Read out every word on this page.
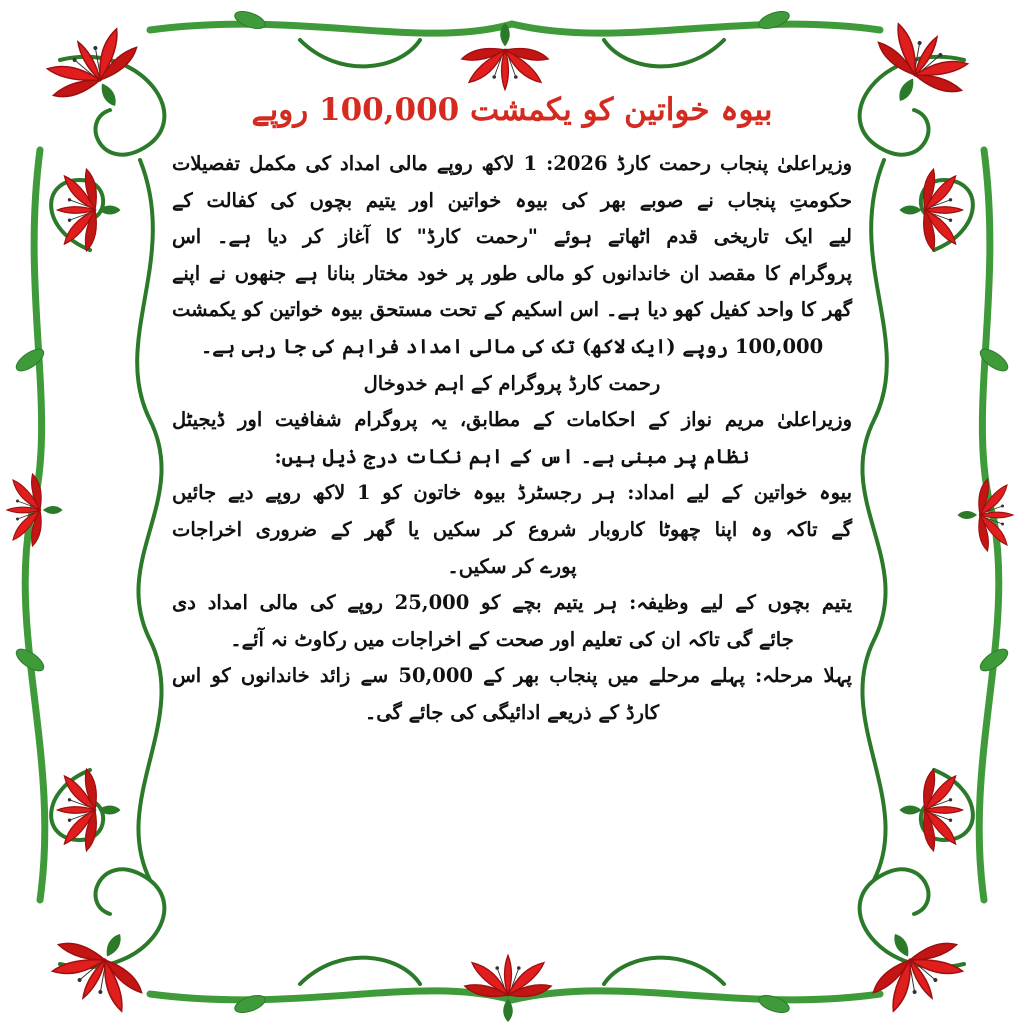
بیوہ خواتین کو یکمشت 100,000 روپے

وزیراعلیٰ پنجاب رحمت کارڈ 2026: 1 لاکھ روپے مالی امداد کی مکمل تفصیلات

حکومتِ پنجاب نے صوبے بھر کی بیوہ خواتین اور یتیم بچوں کی کفالت کے

لیے ایک تاریخی قدم اٹھاتے ہوئے "رحمت کارڈ" کا آغاز کر دیا ہے۔ اس

پروگرام کا مقصد ان خاندانوں کو مالی طور پر خود مختار بنانا ہے جنھوں نے اپنے

گھر کا واحد کفیل کھو دیا ہے۔ اس اسکیم کے تحت مستحق بیوہ خواتین کو یکمشت

100,000 روپے (ایک لاکھ) تک کی مالی امداد فراہم کی جا رہی ہے۔

رحمت کارڈ پروگرام کے اہم خدوخال

وزیراعلیٰ مریم نواز کے احکامات کے مطابق، یہ پروگرام شفافیت اور ڈیجیٹل

نظام پر مبنی ہے۔ اس کے اہم نکات درج ذیل ہیں:

بیوہ خواتین کے لیے امداد: ہر رجسٹرڈ بیوہ خاتون کو 1 لاکھ روپے دیے جائیں

گے تاکہ وہ اپنا چھوٹا کاروبار شروع کر سکیں یا گھر کے ضروری اخراجات

پورے کر سکیں۔

یتیم بچوں کے لیے وظیفہ: ہر یتیم بچے کو 25,000 روپے کی مالی امداد دی

جائے گی تاکہ ان کی تعلیم اور صحت کے اخراجات میں رکاوٹ نہ آئے۔

پہلا مرحلہ: پہلے مرحلے میں پنجاب بھر کے 50,000 سے زائد خاندانوں کو اس

کارڈ کے ذریعے ادائیگی کی جائے گی۔
